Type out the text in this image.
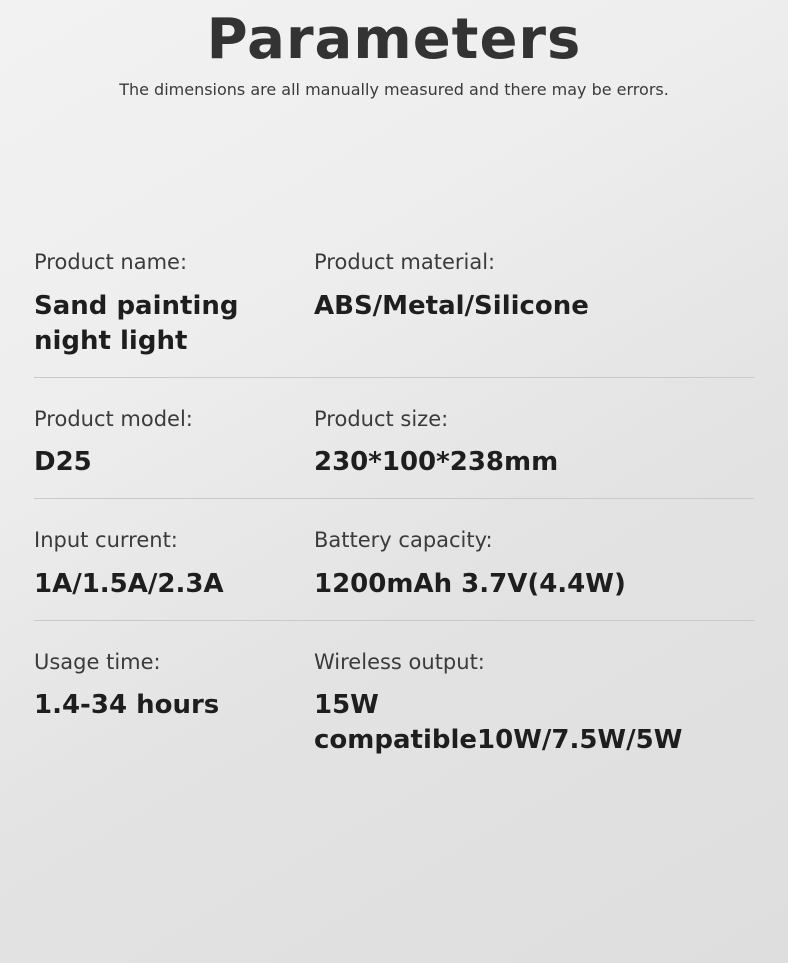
Parameters
The dimensions are all manually measured and there may be errors.
Product name:
Sand painting night light
Product material:
ABS/Metal/Silicone
Product model:
D25
Product size:
230*100*238mm
Input current:
1A/1.5A/2.3A
Battery capacity:
1200mAh 3.7V(4.4W)
Usage time:
1.4-34 hours
Wireless output:
15W compatible10W/7.5W/5W
